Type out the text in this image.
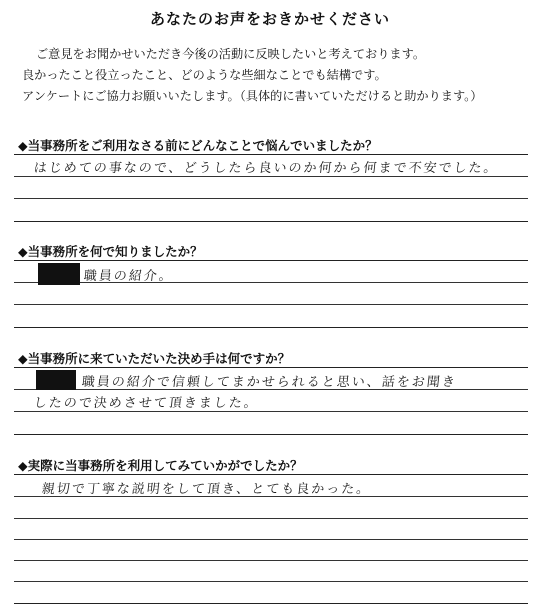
あなたのお声をおきかせください
ご意見をお聞かせいただき今後の活動に反映したいと考えております。
良かったこと役立ったこと、どのような些細なことでも結構です。
アンケートにご協力お願いいたします。（具体的に書いていただけると助かります。）
◆当事務所をご利用なさる前にどんなことで悩んでいましたか？
はじめての事なので、どうしたら良いのか何から何まで不安でした。
◆当事務所を何で知りましたか？
職員の紹介。
◆当事務所に来ていただいた決め手は何ですか？
職員の紹介で信頼してまかせられると思い、話をお聞き
したので決めさせて頂きました。
◆実際に当事務所を利用してみていかがでしたか？
親切で丁寧な説明をして頂き、とても良かった。
